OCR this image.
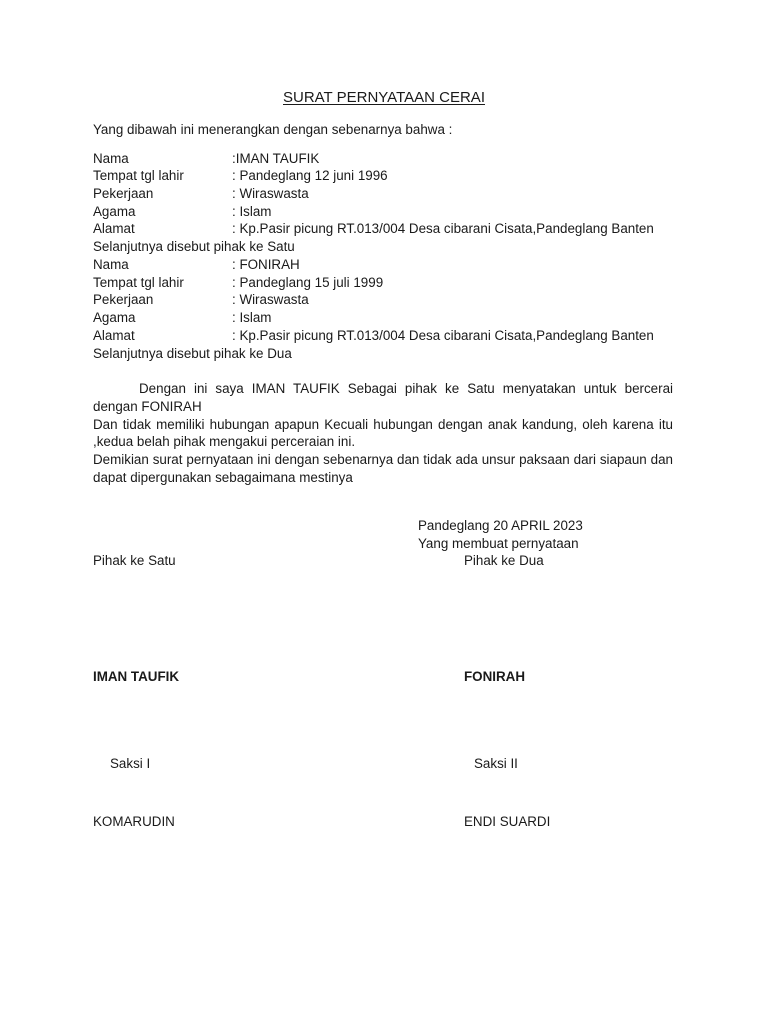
SURAT PERNYATAAN CERAI
Yang dibawah ini menerangkan dengan sebenarnya bahwa :
Nama	:IMAN TAUFIK
Tempat tgl lahir	: Pandeglang 12 juni 1996
Pekerjaan	: Wiraswasta
Agama	: Islam
Alamat	: Kp.Pasir picung RT.013/004 Desa cibarani Cisata,Pandeglang Banten
Selanjutnya disebut pihak ke Satu
Nama	: FONIRAH
Tempat tgl lahir	: Pandeglang 15 juli 1999
Pekerjaan	: Wiraswasta
Agama	: Islam
Alamat	: Kp.Pasir picung RT.013/004 Desa cibarani Cisata,Pandeglang Banten
Selanjutnya disebut pihak ke Dua

Dengan ini saya IMAN TAUFIK Sebagai pihak ke Satu menyatakan untuk bercerai dengan FONIRAH

Dan tidak memiliki hubungan apapun Kecuali hubungan dengan anak kandung, oleh karena itu ,kedua belah pihak mengakui perceraian ini.

Demikian surat pernyataan ini dengan sebenarnya dan tidak ada unsur paksaan dari siapaun dan dapat dipergunakan sebagaimana mestinya

Pandeglang 20 APRIL 2023
Yang membuat pernyataan
Pihak ke Satu	Pihak ke Dua
IMAN TAUFIK	FONIRAH
Saksi I	Saksi II
KOMARUDIN	ENDI SUARDI
